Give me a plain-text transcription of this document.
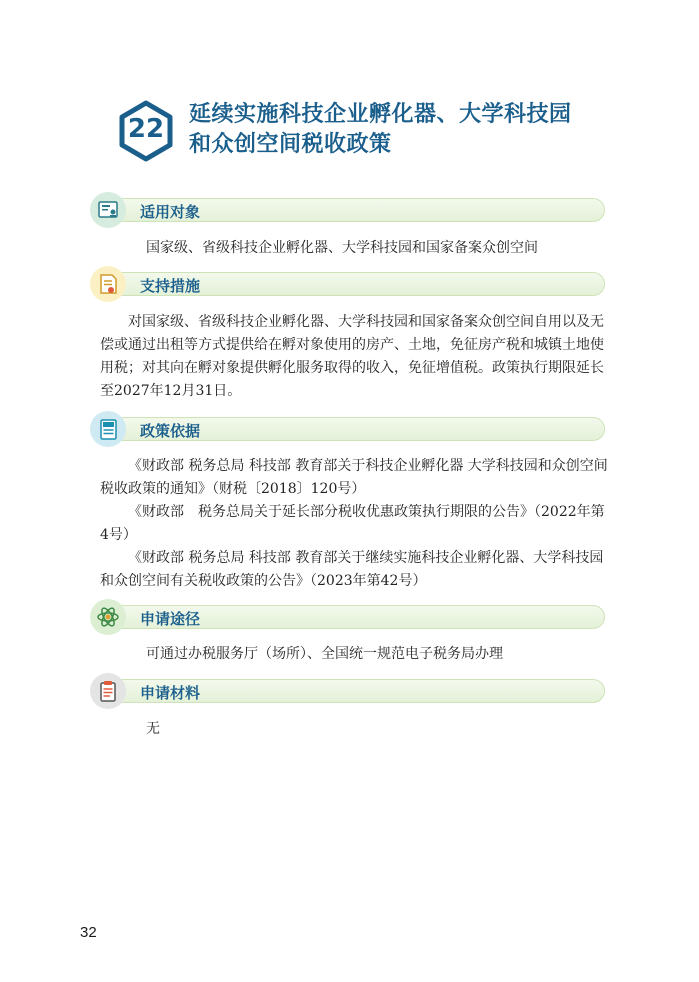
22	延续实施科技企业孵化器、大学科技园
和众创空间税收政策
适用对象
国家级、省级科技企业孵化器、大学科技园和国家备案众创空间
支持措施
对国家级、省级科技企业孵化器、大学科技园和国家备案众创空间自用以及无偿或通过出租等方式提供给在孵对象使用的房产、土地，免征房产税和城镇土地使用税；对其向在孵对象提供孵化服务取得的收入，免征增值税。政策执行期限延长至2027年12月31日。
政策依据
《财政部 税务总局 科技部 教育部关于科技企业孵化器 大学科技园和众创空间税收政策的通知》（财税〔2018〕120号）
《财政部　税务总局关于延长部分税收优惠政策执行期限的公告》（2022年第4号）
《财政部 税务总局 科技部 教育部关于继续实施科技企业孵化器、大学科技园和众创空间有关税收政策的公告》（2023年第42号）
申请途径
可通过办税服务厅（场所）、全国统一规范电子税务局办理
申请材料
无
32
